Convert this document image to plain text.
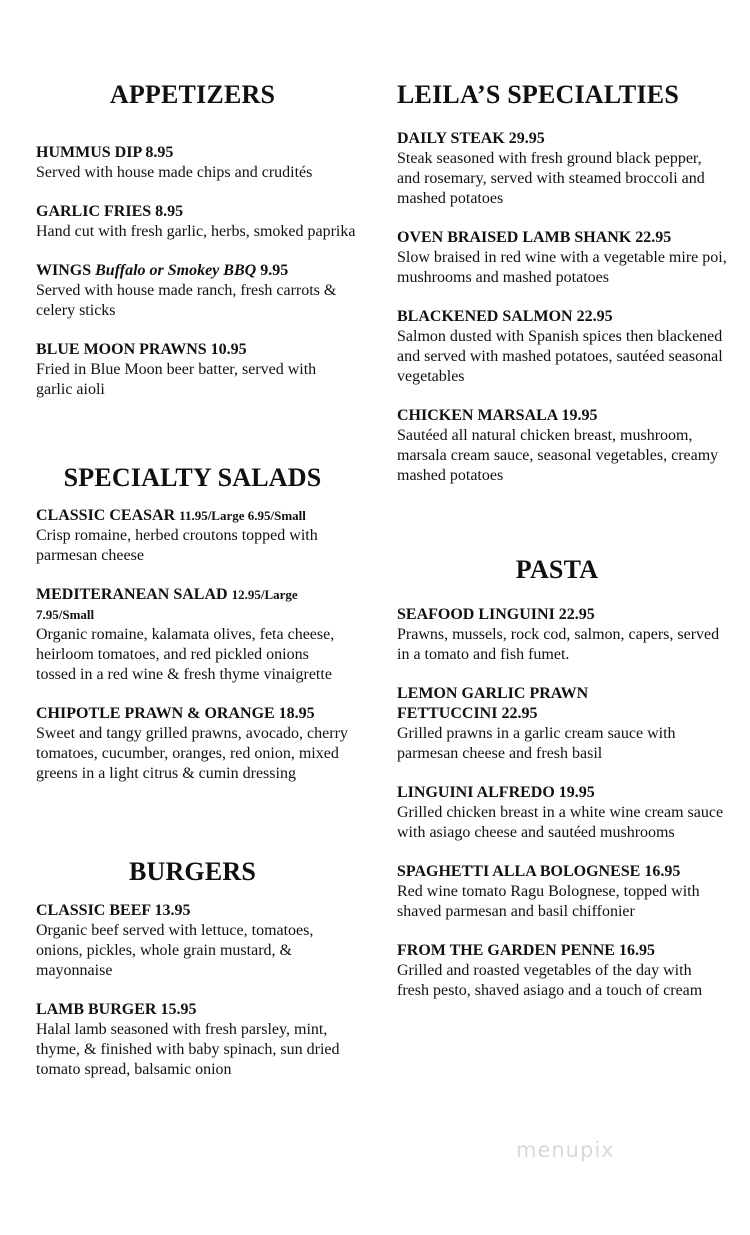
APPETIZERS
HUMMUS DIP 8.95
Served with house made chips and crudités
GARLIC FRIES 8.95
Hand cut with fresh garlic, herbs, smoked paprika
WINGS Buffalo or Smokey BBQ 9.95
Served with house made ranch, fresh carrots & celery sticks
BLUE MOON PRAWNS 10.95
Fried in Blue Moon beer batter, served with garlic aioli
SPECIALTY SALADS
CLASSIC CEASAR 11.95/Large 6.95/Small
Crisp romaine, herbed croutons topped with parmesan cheese
MEDITERANEAN SALAD 12.95/Large 7.95/Small
Organic romaine, kalamata olives, feta cheese, heirloom tomatoes, and red pickled onions tossed in a red wine & fresh thyme vinaigrette
CHIPOTLE PRAWN & ORANGE 18.95
Sweet and tangy grilled prawns, avocado, cherry tomatoes, cucumber, oranges, red onion, mixed greens in a light citrus & cumin dressing
BURGERS
CLASSIC BEEF 13.95
Organic beef served with lettuce, tomatoes, onions, pickles, whole grain mustard, & mayonnaise
LAMB BURGER 15.95
Halal lamb seasoned with fresh parsley, mint, thyme, & finished with baby spinach, sun dried tomato spread, balsamic onion
LEILA’S SPECIALTIES
DAILY STEAK 29.95
Steak seasoned with fresh ground black pepper, and rosemary, served with steamed broccoli and mashed potatoes
OVEN BRAISED LAMB SHANK 22.95
Slow braised in red wine with a vegetable mire poi, mushrooms and mashed potatoes
BLACKENED SALMON 22.95
Salmon dusted with Spanish spices then blackened and served with mashed potatoes, sautéed seasonal vegetables
CHICKEN MARSALA 19.95
Sautéed all natural chicken breast, mushroom, marsala cream sauce, seasonal vegetables, creamy mashed potatoes
PASTA
SEAFOOD LINGUINI 22.95
Prawns, mussels, rock cod, salmon, capers, served in a tomato and fish fumet.
LEMON GARLIC PRAWN FETTUCCINI 22.95
Grilled prawns in a garlic cream sauce with parmesan cheese and fresh basil
LINGUINI ALFREDO 19.95
Grilled chicken breast in a white wine cream sauce with asiago cheese and sautéed mushrooms
SPAGHETTI ALLA BOLOGNESE 16.95
Red wine tomato Ragu Bolognese, topped with shaved parmesan and basil chiffonier
FROM THE GARDEN PENNE 16.95
Grilled and roasted vegetables of the day with fresh pesto, shaved asiago and a touch of cream
menupix
